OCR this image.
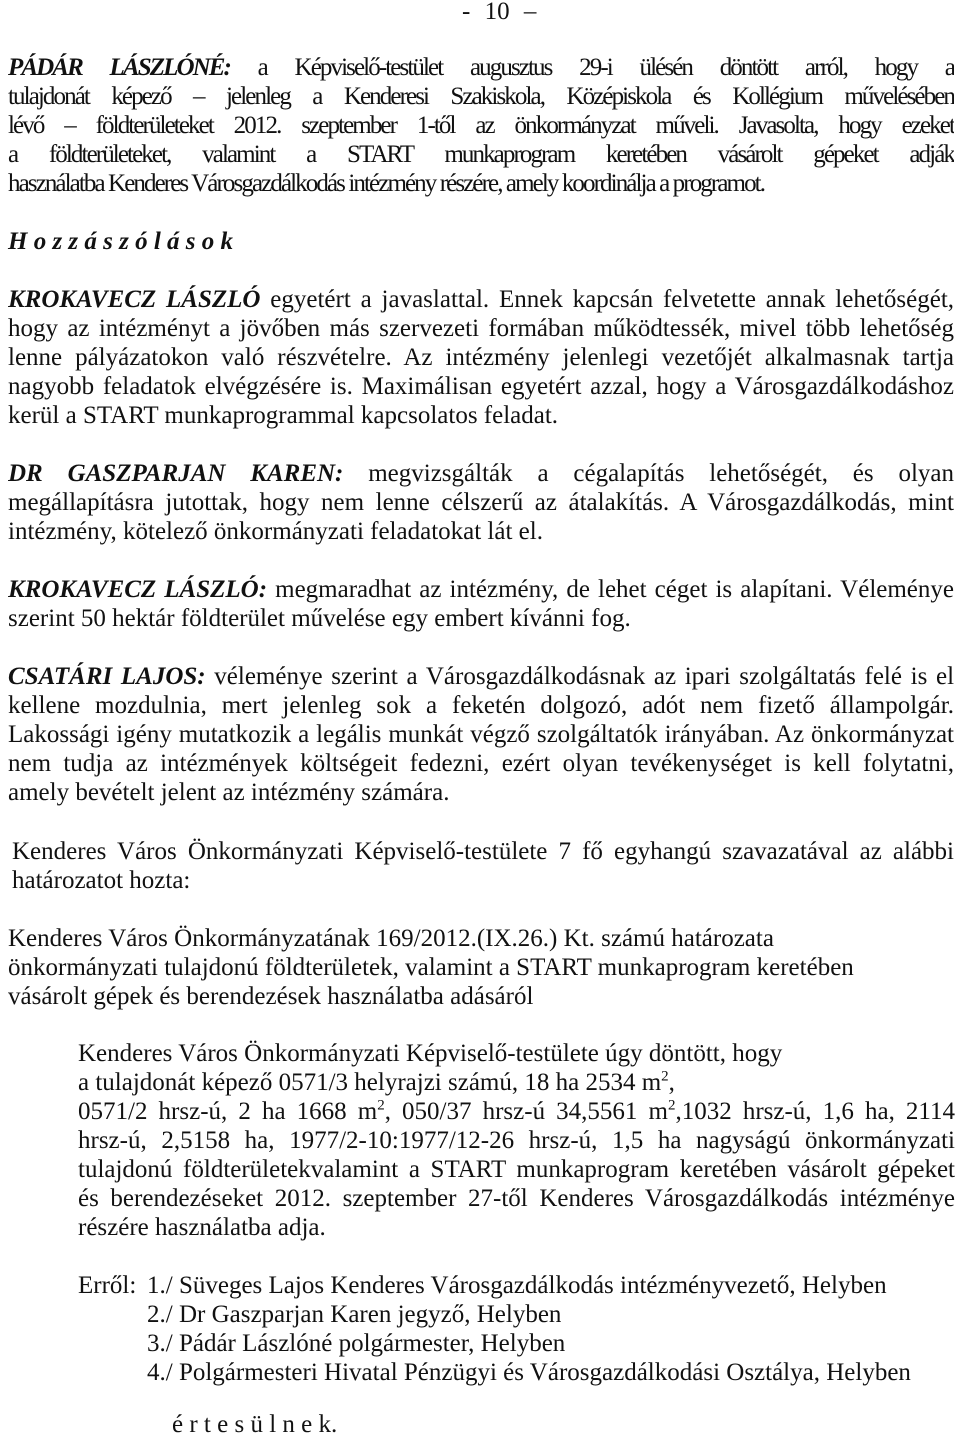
- 10 –
PÁDÁR LÁSZLÓNÉ: a Képviselő-testület augusztus 29-i ülésén döntött arról, hogy a
tulajdonát képező – jelenleg a Kenderesi Szakiskola, Középiskola és Kollégium művelésében
lévő – földterületeket 2012. szeptember 1-től az önkormányzat műveli. Javasolta, hogy ezeket
a földterületeket, valamint a START munkaprogram keretében vásárolt gépeket adják
használatba Kenderes Városgazdálkodás intézmény részére, amely koordinálja a programot.
H o z z á s z ó l á s o k
KROKAVECZ LÁSZLÓ egyetért a javaslattal. Ennek kapcsán felvetette annak lehetőségét,
hogy az intézményt a jövőben más szervezeti formában működtessék, mivel több lehetőség
lenne pályázatokon való részvételre. Az intézmény jelenlegi vezetőjét alkalmasnak tartja
nagyobb feladatok elvégzésére is. Maximálisan egyetért azzal, hogy a Városgazdálkodáshoz
kerül a START munkaprogrammal kapcsolatos feladat.
DR GASZPARJAN KAREN: megvizsgálták a cégalapítás lehetőségét, és olyan
megállapításra jutottak, hogy nem lenne célszerű az átalakítás. A Városgazdálkodás, mint
intézmény, kötelező önkormányzati feladatokat lát el.
KROKAVECZ LÁSZLÓ: megmaradhat az intézmény, de lehet céget is alapítani. Véleménye
szerint 50 hektár földterület művelése egy embert kívánni fog.
CSATÁRI LAJOS: véleménye szerint a Városgazdálkodásnak az ipari szolgáltatás felé is el
kellene mozdulnia, mert jelenleg sok a feketén dolgozó, adót nem fizető állampolgár.
Lakossági igény mutatkozik a legális munkát végző szolgáltatók irányában. Az önkormányzat
nem tudja az intézmények költségeit fedezni, ezért olyan tevékenységet is kell folytatni,
amely bevételt jelent az intézmény számára.
Kenderes Város Önkormányzati Képviselő-testülete 7 fő egyhangú szavazatával az alábbi
határozatot hozta:
Kenderes Város Önkormányzatának 169/2012.(IX.26.) Kt. számú határozata
önkormányzati tulajdonú földterületek, valamint a START munkaprogram keretében
vásárolt gépek és berendezések használatba adásáról
Kenderes Város Önkormányzati Képviselő-testülete úgy döntött, hogy
a tulajdonát képező 0571/3 helyrajzi számú, 18 ha 2534 $m^2$,
0571/2 hrsz-ú, 2 ha 1668 $m^2$, 050/37 hrsz-ú 34,5561 $m^2,1032$ hrsz-ú, 1,6 ha, 2114
hrsz-ú, 2,5158 ha, 1977/2-10:1977/12-26 hrsz-ú, 1,5 ha nagyságú önkormányzati
tulajdonú földterületekvalamint a START munkaprogram keretében vásárolt gépeket
és berendezéseket 2012. szeptember 27-től Kenderes Városgazdálkodás intézménye
részére használatba adja.
Erről: 1./ Süveges Lajos Kenderes Városgazdálkodás intézményvezető, Helyben
2./ Dr Gaszparjan Karen jegyző, Helyben
3./ Pádár Lászlóné polgármester, Helyben
4./ Polgármesteri Hivatal Pénzügyi és Városgazdálkodási Osztálya, Helyben
é r t e s ü l n e k.
